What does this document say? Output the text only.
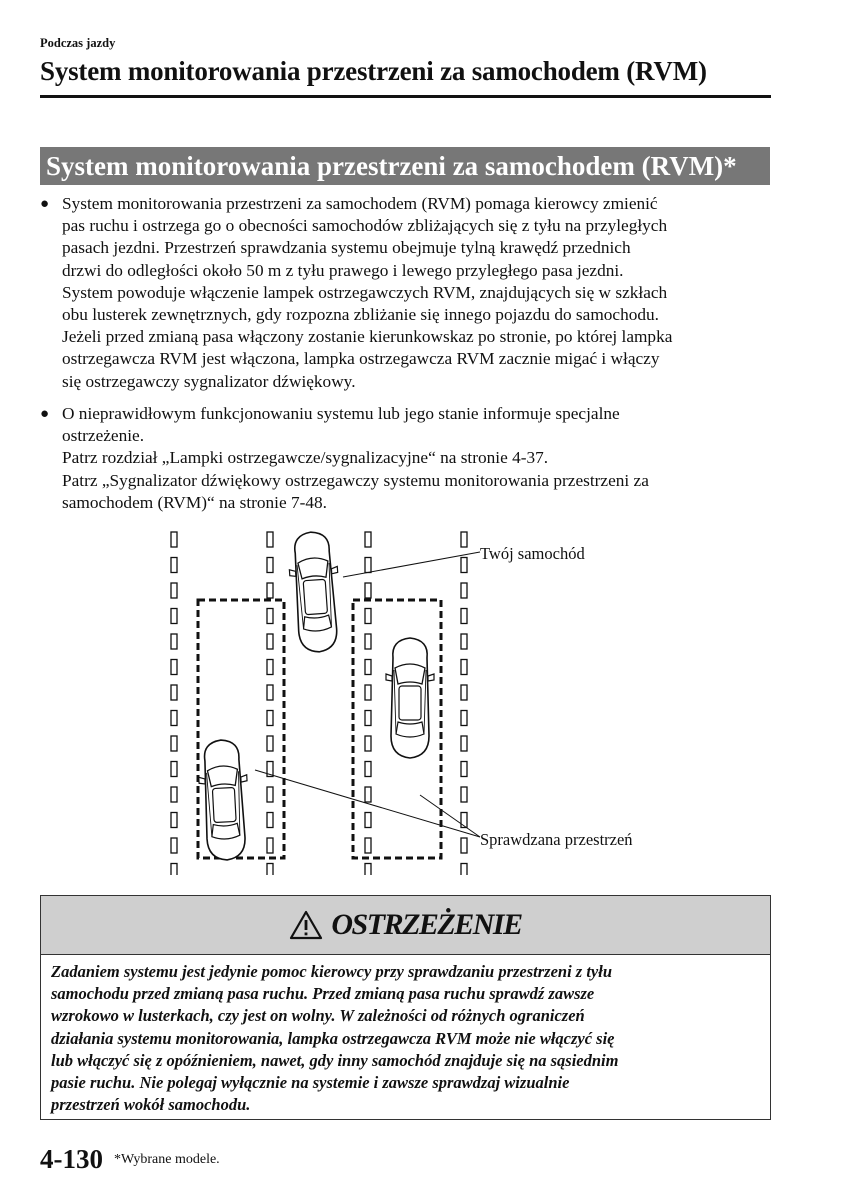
Podczas jazdy
System monitorowania przestrzeni za samochodem (RVM)
System monitorowania przestrzeni za samochodem (RVM)*
● System monitorowania przestrzeni za samochodem (RVM) pomaga kierowcy zmienić
pas ruchu i ostrzega go o obecności samochodów zbliżających się z tyłu na przyległych
pasach jezdni. Przestrzeń sprawdzania systemu obejmuje tylną krawędź przednich
drzwi do odległości około 50 m z tyłu prawego i lewego przyległego pasa jezdni.
System powoduje włączenie lampek ostrzegawczych RVM, znajdujących się w szkłach
obu lusterek zewnętrznych, gdy rozpozna zbliżanie się innego pojazdu do samochodu.
Jeżeli przed zmianą pasa włączony zostanie kierunkowskaz po stronie, po której lampka
ostrzegawcza RVM jest włączona, lampka ostrzegawcza RVM zacznie migać i włączy
się ostrzegawczy sygnalizator dźwiękowy.
● O nieprawidłowym funkcjonowaniu systemu lub jego stanie informuje specjalne
ostrzeżenie.
Patrz rozdział „Lampki ostrzegawcze/sygnalizacyjne“ na stronie 4-37.
Patrz „Sygnalizator dźwiękowy ostrzegawczy systemu monitorowania przestrzeni za
samochodem (RVM)“ na stronie 7-48.
Twój samochód
Sprawdzana przestrzeń
OSTRZEŻENIE
Zadaniem systemu jest jedynie pomoc kierowcy przy sprawdzaniu przestrzeni z tyłu
samochodu przed zmianą pasa ruchu. Przed zmianą pasa ruchu sprawdź zawsze
wzrokowo w lusterkach, czy jest on wolny. W zależności od różnych ograniczeń
działania systemu monitorowania, lampka ostrzegawcza RVM może nie włączyć się
lub włączyć się z opóźnieniem, nawet, gdy inny samochód znajduje się na sąsiednim
pasie ruchu. Nie polegaj wyłącznie na systemie i zawsze sprawdzaj wizualnie
przestrzeń wokół samochodu.
4-130 *Wybrane modele.
